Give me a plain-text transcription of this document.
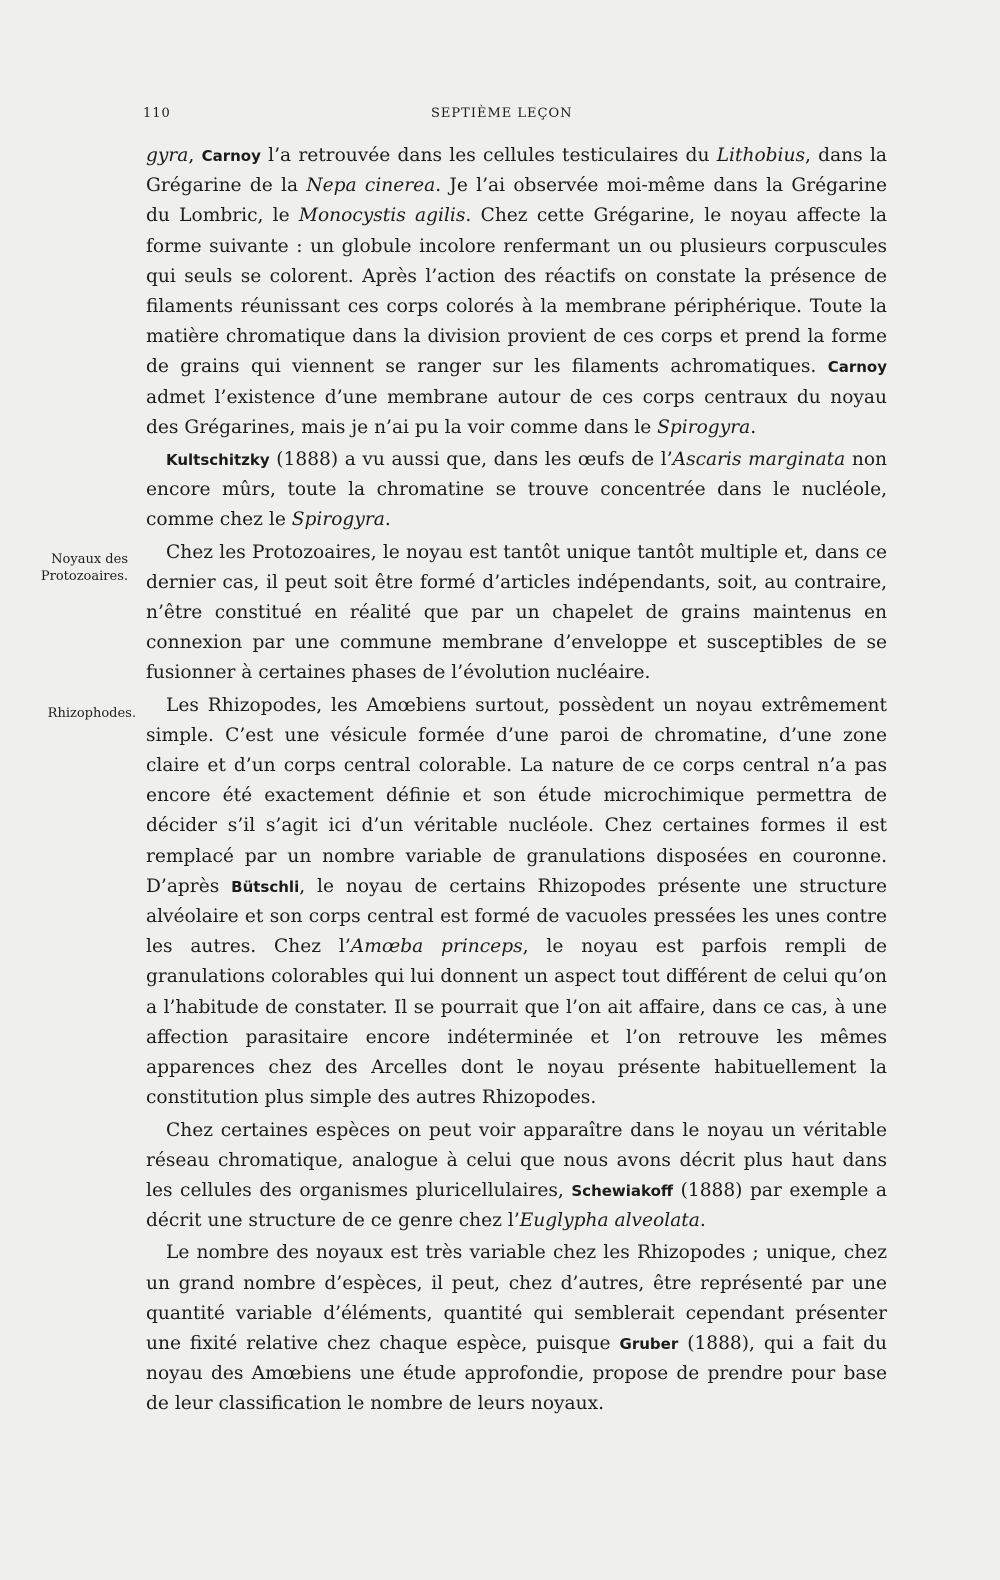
110	SEPTIÈME LEÇON
Noyaux des Protozoaires.
Rhizophodes.

gyra, Carnoy l’a retrouvée dans les cellules testiculaires du Lithobius, dans la Grégarine de la Nepa cinerea. Je l’ai observée moi-même dans la Grégarine du Lombric, le Monocystis agilis. Chez cette Grégarine, le noyau affecte la forme suivante : un globule incolore renfermant un ou plusieurs corpuscules qui seuls se colorent. Après l’action des réactifs on constate la présence de filaments réunissant ces corps colorés à la membrane périphérique. Toute la matière chromatique dans la division provient de ces corps et prend la forme de grains qui viennent se ranger sur les filaments achromatiques. Carnoy admet l’existence d’une membrane autour de ces corps centraux du noyau des Grégarines, mais je n’ai pu la voir comme dans le Spirogyra.

Kultschitzky (1888) a vu aussi que, dans les œufs de l’Ascaris marginata non encore mûrs, toute la chromatine se trouve concentrée dans le nucléole, comme chez le Spirogyra.

Chez les Protozoaires, le noyau est tantôt unique tantôt multiple et, dans ce dernier cas, il peut soit être formé d’articles indépendants, soit, au contraire, n’être constitué en réalité que par un chapelet de grains maintenus en connexion par une commune membrane d’enveloppe et susceptibles de se fusionner à certaines phases de l’évolution nucléaire.

Les Rhizopodes, les Amœbiens surtout, possèdent un noyau extrêmement simple. C’est une vésicule formée d’une paroi de chromatine, d’une zone claire et d’un corps central colorable. La nature de ce corps central n’a pas encore été exactement définie et son étude microchimique permettra de décider s’il s’agit ici d’un véritable nucléole. Chez certaines formes il est remplacé par un nombre variable de granulations disposées en couronne. D’après Bütschli, le noyau de certains Rhizopodes présente une structure alvéolaire et son corps central est formé de vacuoles pressées les unes contre les autres. Chez l’Amœba princeps, le noyau est parfois rempli de granulations colorables qui lui donnent un aspect tout différent de celui qu’on a l’habitude de constater. Il se pourrait que l’on ait affaire, dans ce cas, à une affection parasitaire encore indéterminée et l’on retrouve les mêmes apparences chez des Arcelles dont le noyau présente habituellement la constitution plus simple des autres Rhizopodes.

Chez certaines espèces on peut voir apparaître dans le noyau un véritable réseau chromatique, analogue à celui que nous avons décrit plus haut dans les cellules des organismes pluricellulaires, Schewiakoff (1888) par exemple a décrit une structure de ce genre chez l’Euglypha alveolata.

Le nombre des noyaux est très variable chez les Rhizopodes ; unique, chez un grand nombre d’espèces, il peut, chez d’autres, être représenté par une quantité variable d’éléments, quantité qui semblerait cependant présenter une fixité relative chez chaque espèce, puisque Gruber (1888), qui a fait du noyau des Amœbiens une étude approfondie, propose de prendre pour base de leur classification le nombre de leurs noyaux.
